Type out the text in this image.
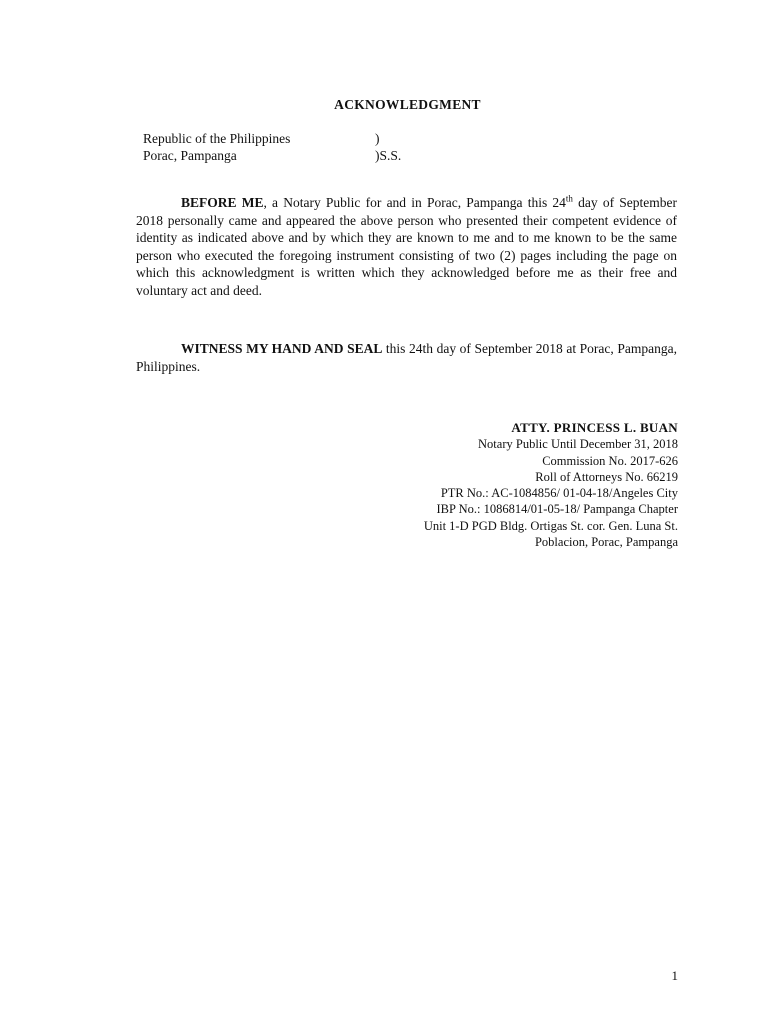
ACKNOWLEDGMENT
Republic of the Philippines	)
Porac, Pampanga	)S.S.

BEFORE ME, a Notary Public for and in Porac, Pampanga this 24th day of September 2018 personally came and appeared the above person who presented their competent evidence of identity as indicated above and by which they are known to me and to me known to be the same person who executed the foregoing instrument consisting of two (2) pages including the page on which this acknowledgment is written which they acknowledged before me as their free and voluntary act and deed.

WITNESS MY HAND AND SEAL this 24th day of September 2018 at Porac, Pampanga, Philippines.

ATTY. PRINCESS L. BUAN
Notary Public Until December 31, 2018
Commission No. 2017-626
Roll of Attorneys No. 66219
PTR No.: AC-1084856/ 01-04-18/Angeles City
IBP No.: 1086814/01-05-18/ Pampanga Chapter
Unit 1-D PGD Bldg. Ortigas St. cor. Gen. Luna St.
Poblacion, Porac, Pampanga
1
